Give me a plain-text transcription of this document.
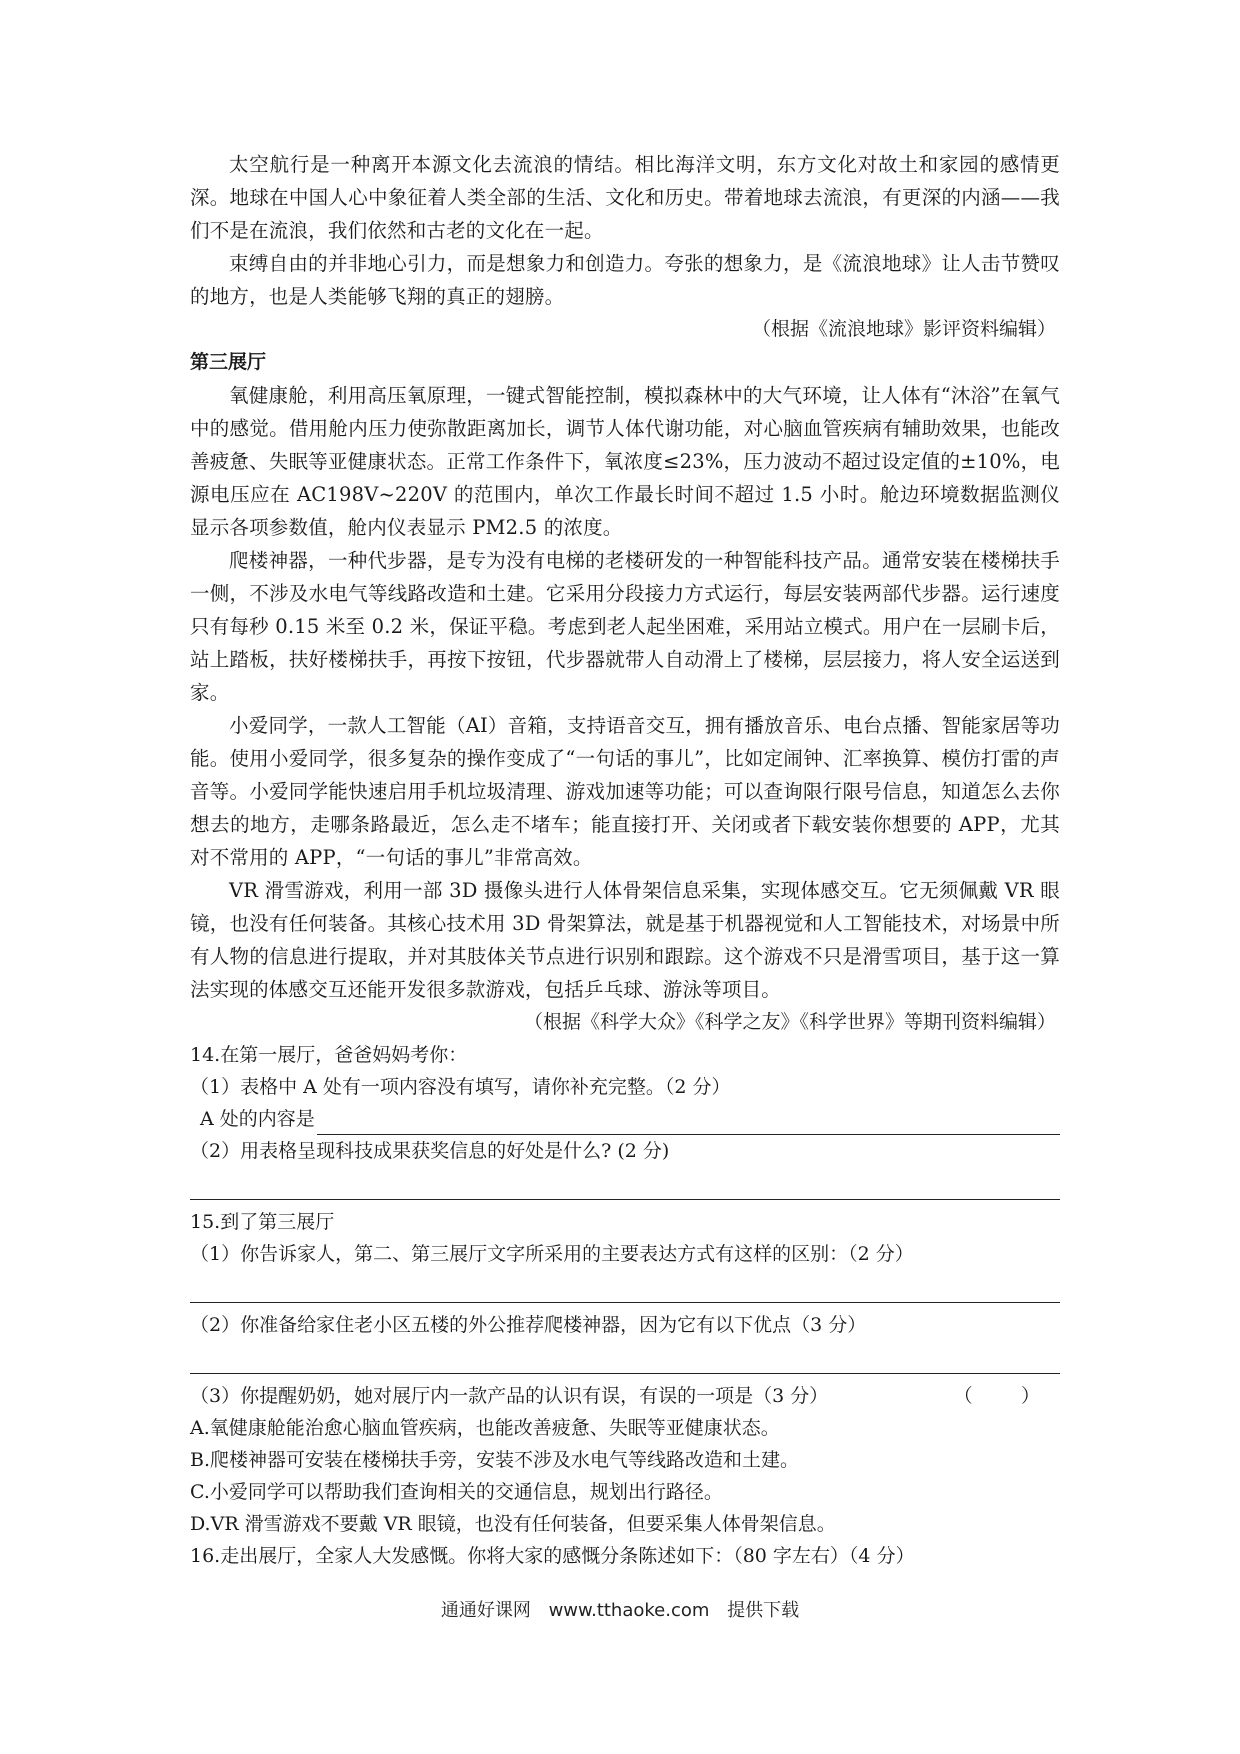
太空航行是一种离开本源文化去流浪的情结。相比海洋文明，东方文化对故土和家园的感情更深。地球在中国人心中象征着人类全部的生活、文化和历史。带着地球去流浪，有更深的内涵——我们不是在流浪，我们依然和古老的文化在一起。

束缚自由的并非地心引力，而是想象力和创造力。夸张的想象力，是《流浪地球》让人击节赞叹的地方，也是人类能够飞翔的真正的翅膀。

（根据《流浪地球》影评资料编辑）

第三展厅

氧健康舱，利用高压氧原理，一键式智能控制，模拟森林中的大气环境，让人体有“沐浴”在氧气中的感觉。借用舱内压力使弥散距离加长，调节人体代谢功能，对心脑血管疾病有辅助效果，也能改善疲惫、失眠等亚健康状态。正常工作条件下，氧浓度≤23%，压力波动不超过设定值的±10%，电源电压应在 AC198V~220V 的范围内，单次工作最长时间不超过 1.5 小时。舱边环境数据监测仪显示各项参数值，舱内仪表显示 PM2.5 的浓度。

爬楼神器，一种代步器，是专为没有电梯的老楼研发的一种智能科技产品。通常安装在楼梯扶手一侧，不涉及水电气等线路改造和土建。它采用分段接力方式运行，每层安装两部代步器。运行速度只有每秒 0.15 米至 0.2 米，保证平稳。考虑到老人起坐困难，采用站立模式。用户在一层刷卡后，站上踏板，扶好楼梯扶手，再按下按钮，代步器就带人自动滑上了楼梯，层层接力，将人安全运送到家。

小爱同学，一款人工智能（AI）音箱，支持语音交互，拥有播放音乐、电台点播、智能家居等功能。使用小爱同学，很多复杂的操作变成了“一句话的事儿”，比如定闹钟、汇率换算、模仿打雷的声音等。小爱同学能快速启用手机垃圾清理、游戏加速等功能；可以查询限行限号信息，知道怎么去你想去的地方，走哪条路最近，怎么走不堵车；能直接打开、关闭或者下载安装你想要的 APP，尤其对不常用的 APP，“一句话的事儿”非常高效。

VR 滑雪游戏，利用一部 3D 摄像头进行人体骨架信息采集，实现体感交互。它无须佩戴 VR 眼镜，也没有任何装备。其核心技术用 3D 骨架算法，就是基于机器视觉和人工智能技术，对场景中所有人物的信息进行提取，并对其肢体关节点进行识别和跟踪。这个游戏不只是滑雪项目，基于这一算法实现的体感交互还能开发很多款游戏，包括乒乓球、游泳等项目。

（根据《科学大众》《科学之友》《科学世界》等期刊资料编辑）

14.在第一展厅，爸爸妈妈考你：

（1）表格中 A 处有一项内容没有填写，请你补充完整。（2 分）

A 处的内容是

（2）用表格呈现科技成果获奖信息的好处是什么? (2 分)

15.到了第三展厅

（1）你告诉家人，第二、第三展厅文字所采用的主要表达方式有这样的区别：（2 分）

（2）你准备给家住老小区五楼的外公推荐爬楼神器，因为它有以下优点（3 分）

（3）你提醒奶奶，她对展厅内一款产品的认识有误，有误的一项是（3 分）	（        ）

A.氧健康舱能治愈心脑血管疾病，也能改善疲惫、失眠等亚健康状态。

B.爬楼神器可安装在楼梯扶手旁，安装不涉及水电气等线路改造和土建。

C.小爱同学可以帮助我们查询相关的交通信息，规划出行路径。

D.VR 滑雪游戏不要戴 VR 眼镜，也没有任何装备，但要采集人体骨架信息。

16.走出展厅，全家人大发感慨。你将大家的感慨分条陈述如下：（80 字左右）（4 分）

通通好课网 www.tthaoke.com 提供下载
